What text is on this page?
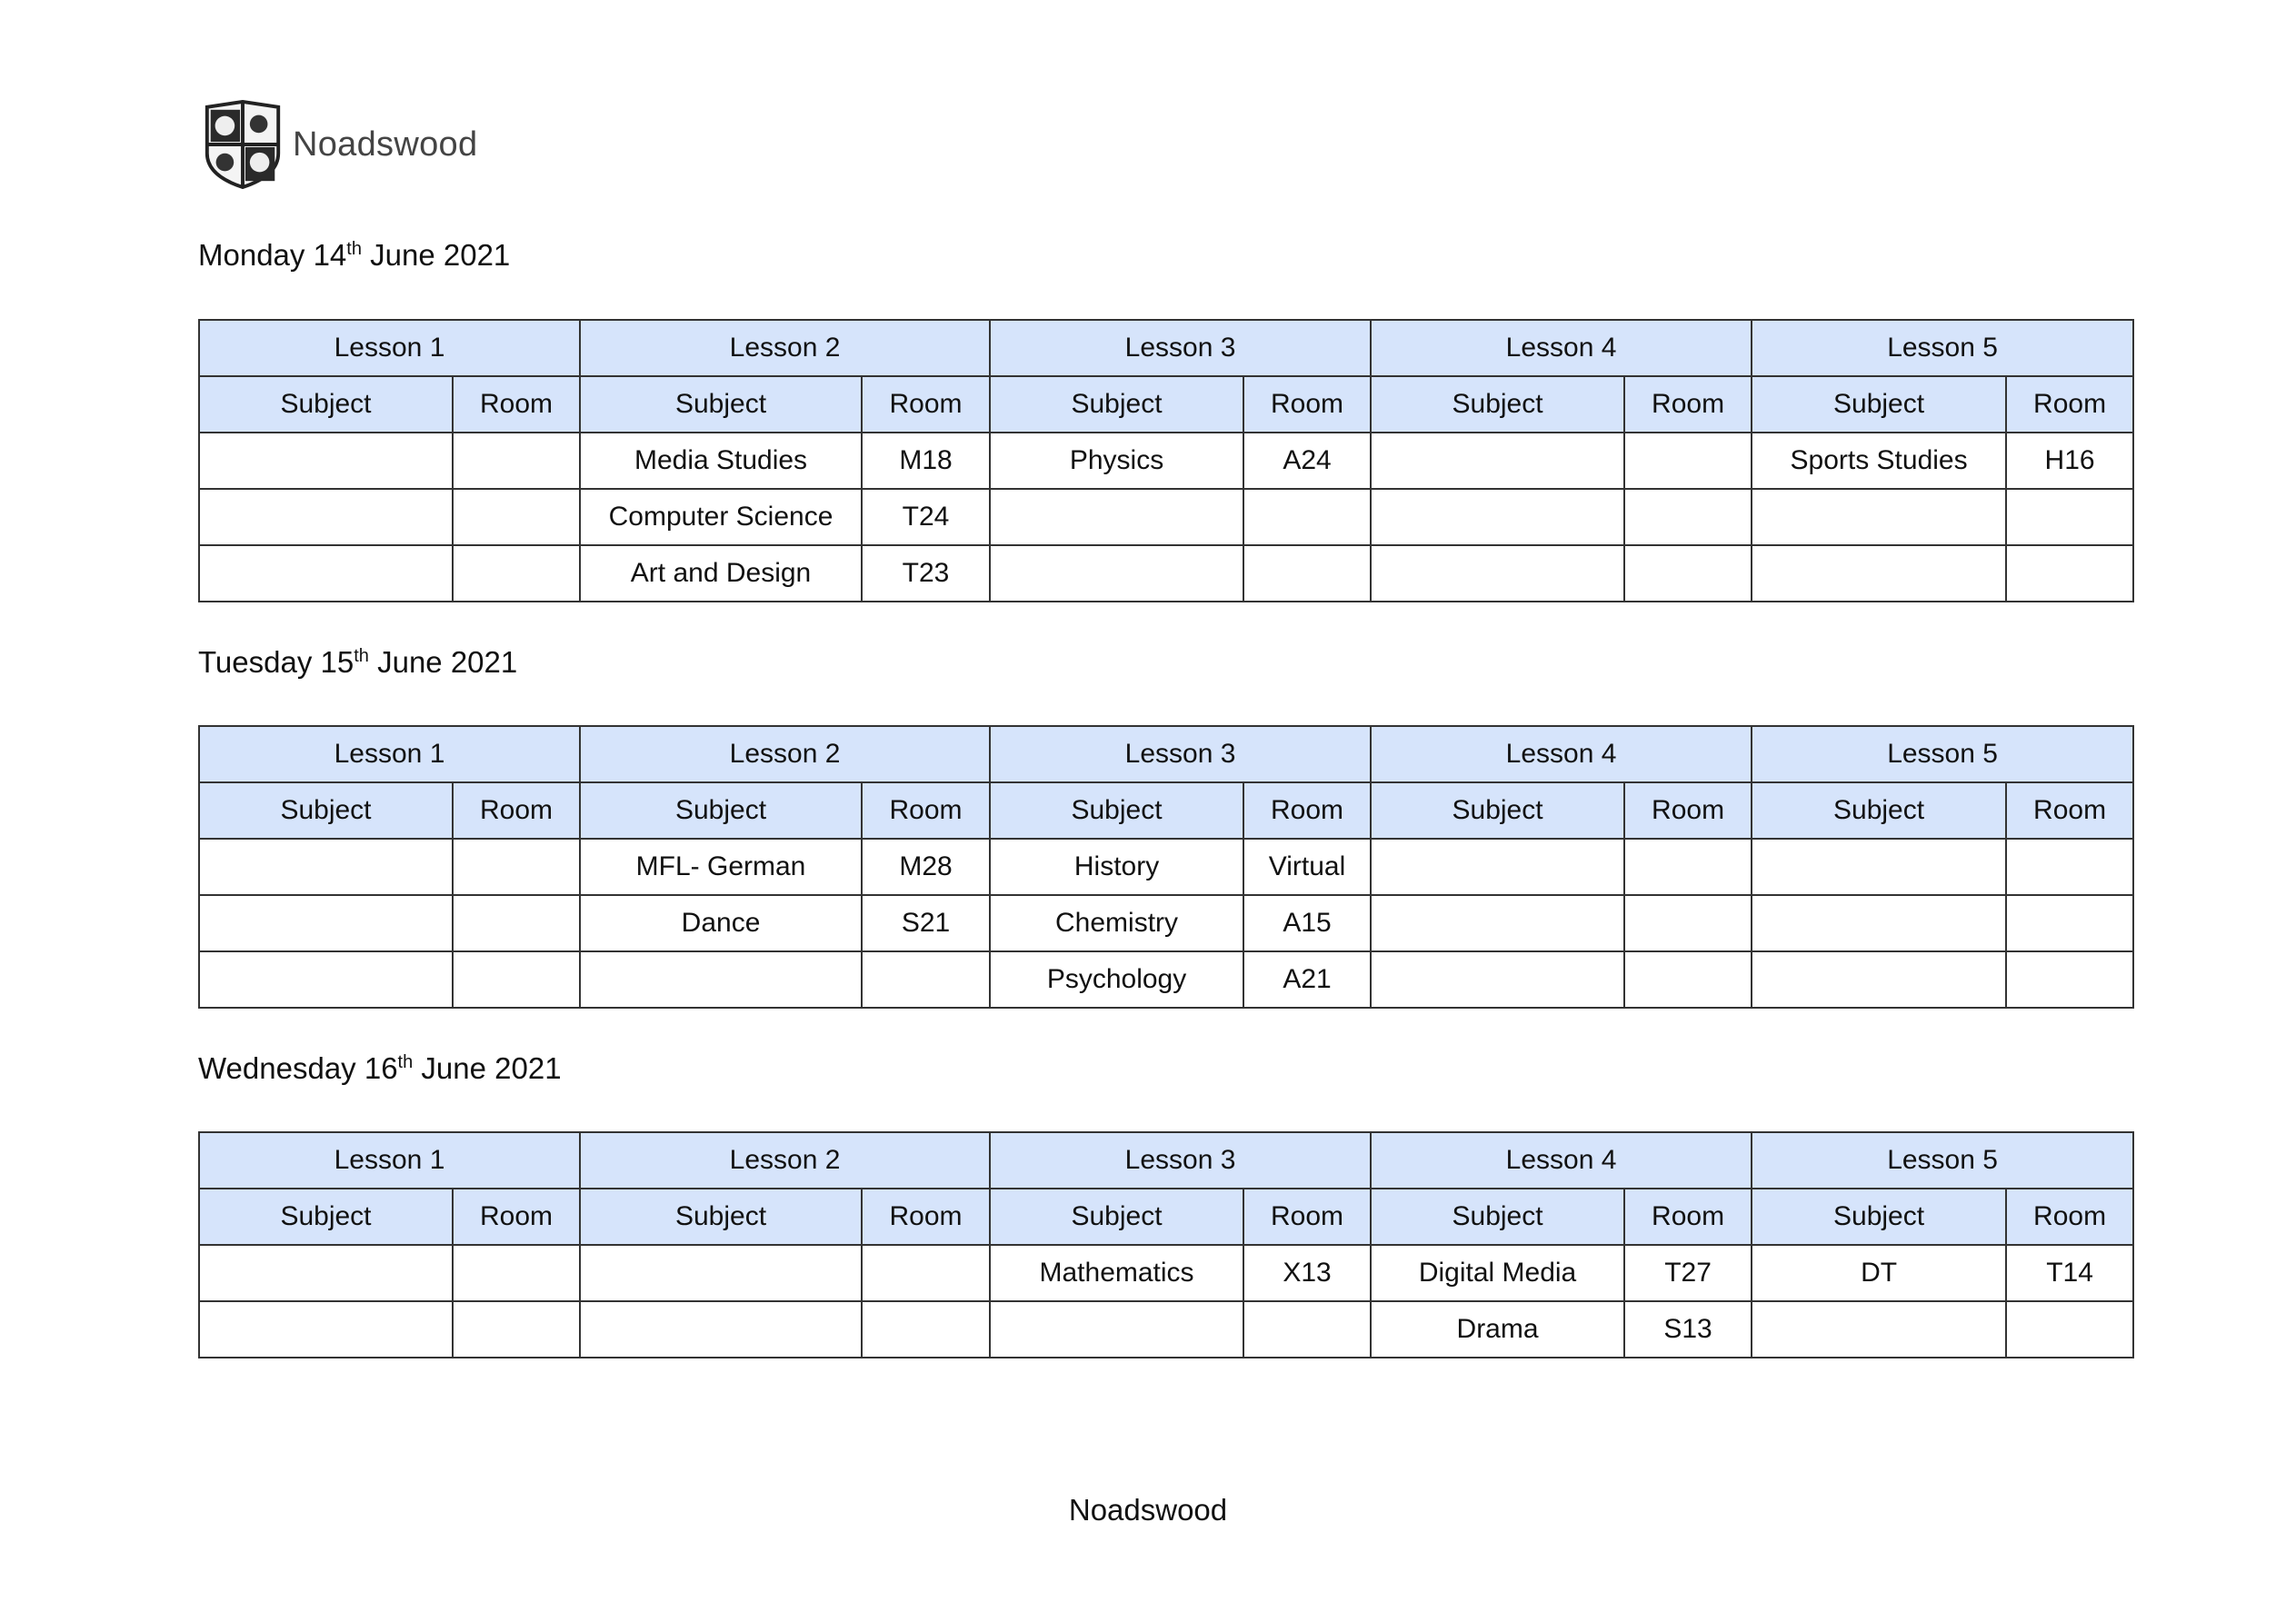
Noadswood
Monday 14th June 2021
Lesson 1		Lesson 2		Lesson 3		Lesson 4		Lesson 5	
Subject	Room	Subject	Room	Subject	Room	Subject	Room	Subject	Room
		Media Studies	M18	Physics	A24			Sports Studies	H16
		Computer Science	T24						
		Art and Design	T23						
Tuesday 15th June 2021
Lesson 1		Lesson 2		Lesson 3		Lesson 4		Lesson 5	
Subject	Room	Subject	Room	Subject	Room	Subject	Room	Subject	Room
		MFL- German	M28	History	Virtual				
		Dance	S21	Chemistry	A15				
				Psychology	A21				
Wednesday 16th June 2021
Lesson 1		Lesson 2		Lesson 3		Lesson 4		Lesson 5	
Subject	Room	Subject	Room	Subject	Room	Subject	Room	Subject	Room
				Mathematics	X13	Digital Media	T27	DT	T14
						Drama	S13		
Noadswood
